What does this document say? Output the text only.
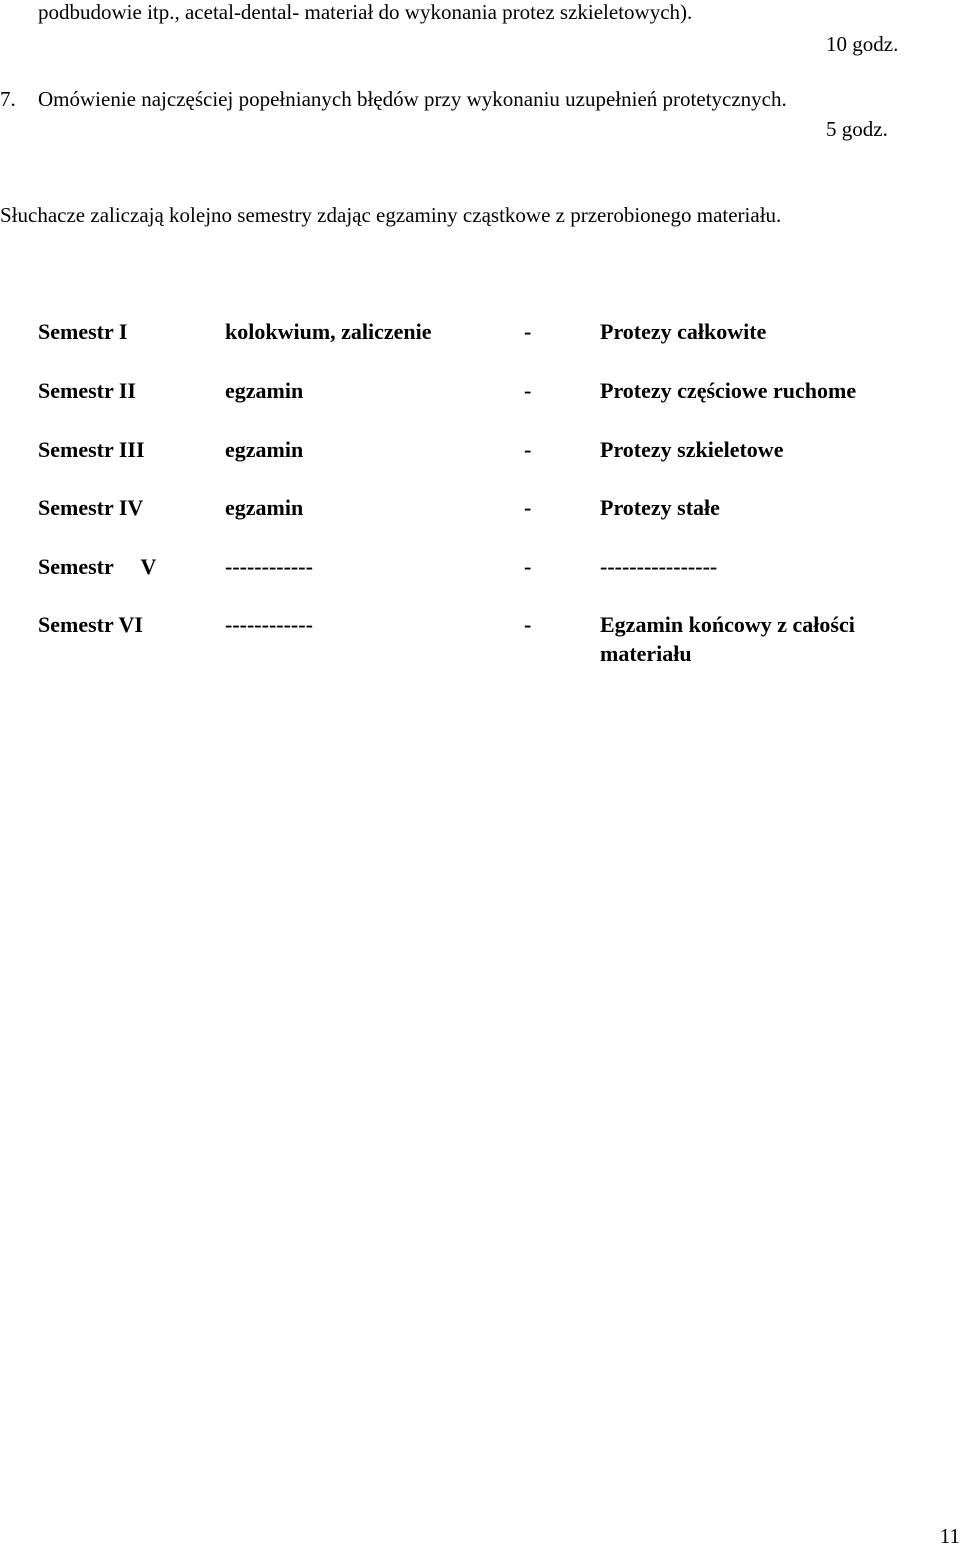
podbudowie itp., acetal-dental- materiał do wykonania protez szkieletowych).
10 godz.
7. Omówienie najczęściej popełnianych błędów przy wykonaniu uzupełnień protetycznych.
5 godz.
Słuchacze zaliczają kolejno semestry zdając egzaminy cząstkowe z przerobionego materiału.
Semestr I	kolokwium, zaliczenie	-	Protezy całkowite
Semestr II	egzamin	-	Protezy częściowe ruchome
Semestr III	egzamin	-	Protezy szkieletowe
Semestr IV	egzamin	-	Protezy stałe
Semestr     V	------------	-	----------------
Semestr VI	------------	-	Egzamin końcowy z całości
materiału
11
